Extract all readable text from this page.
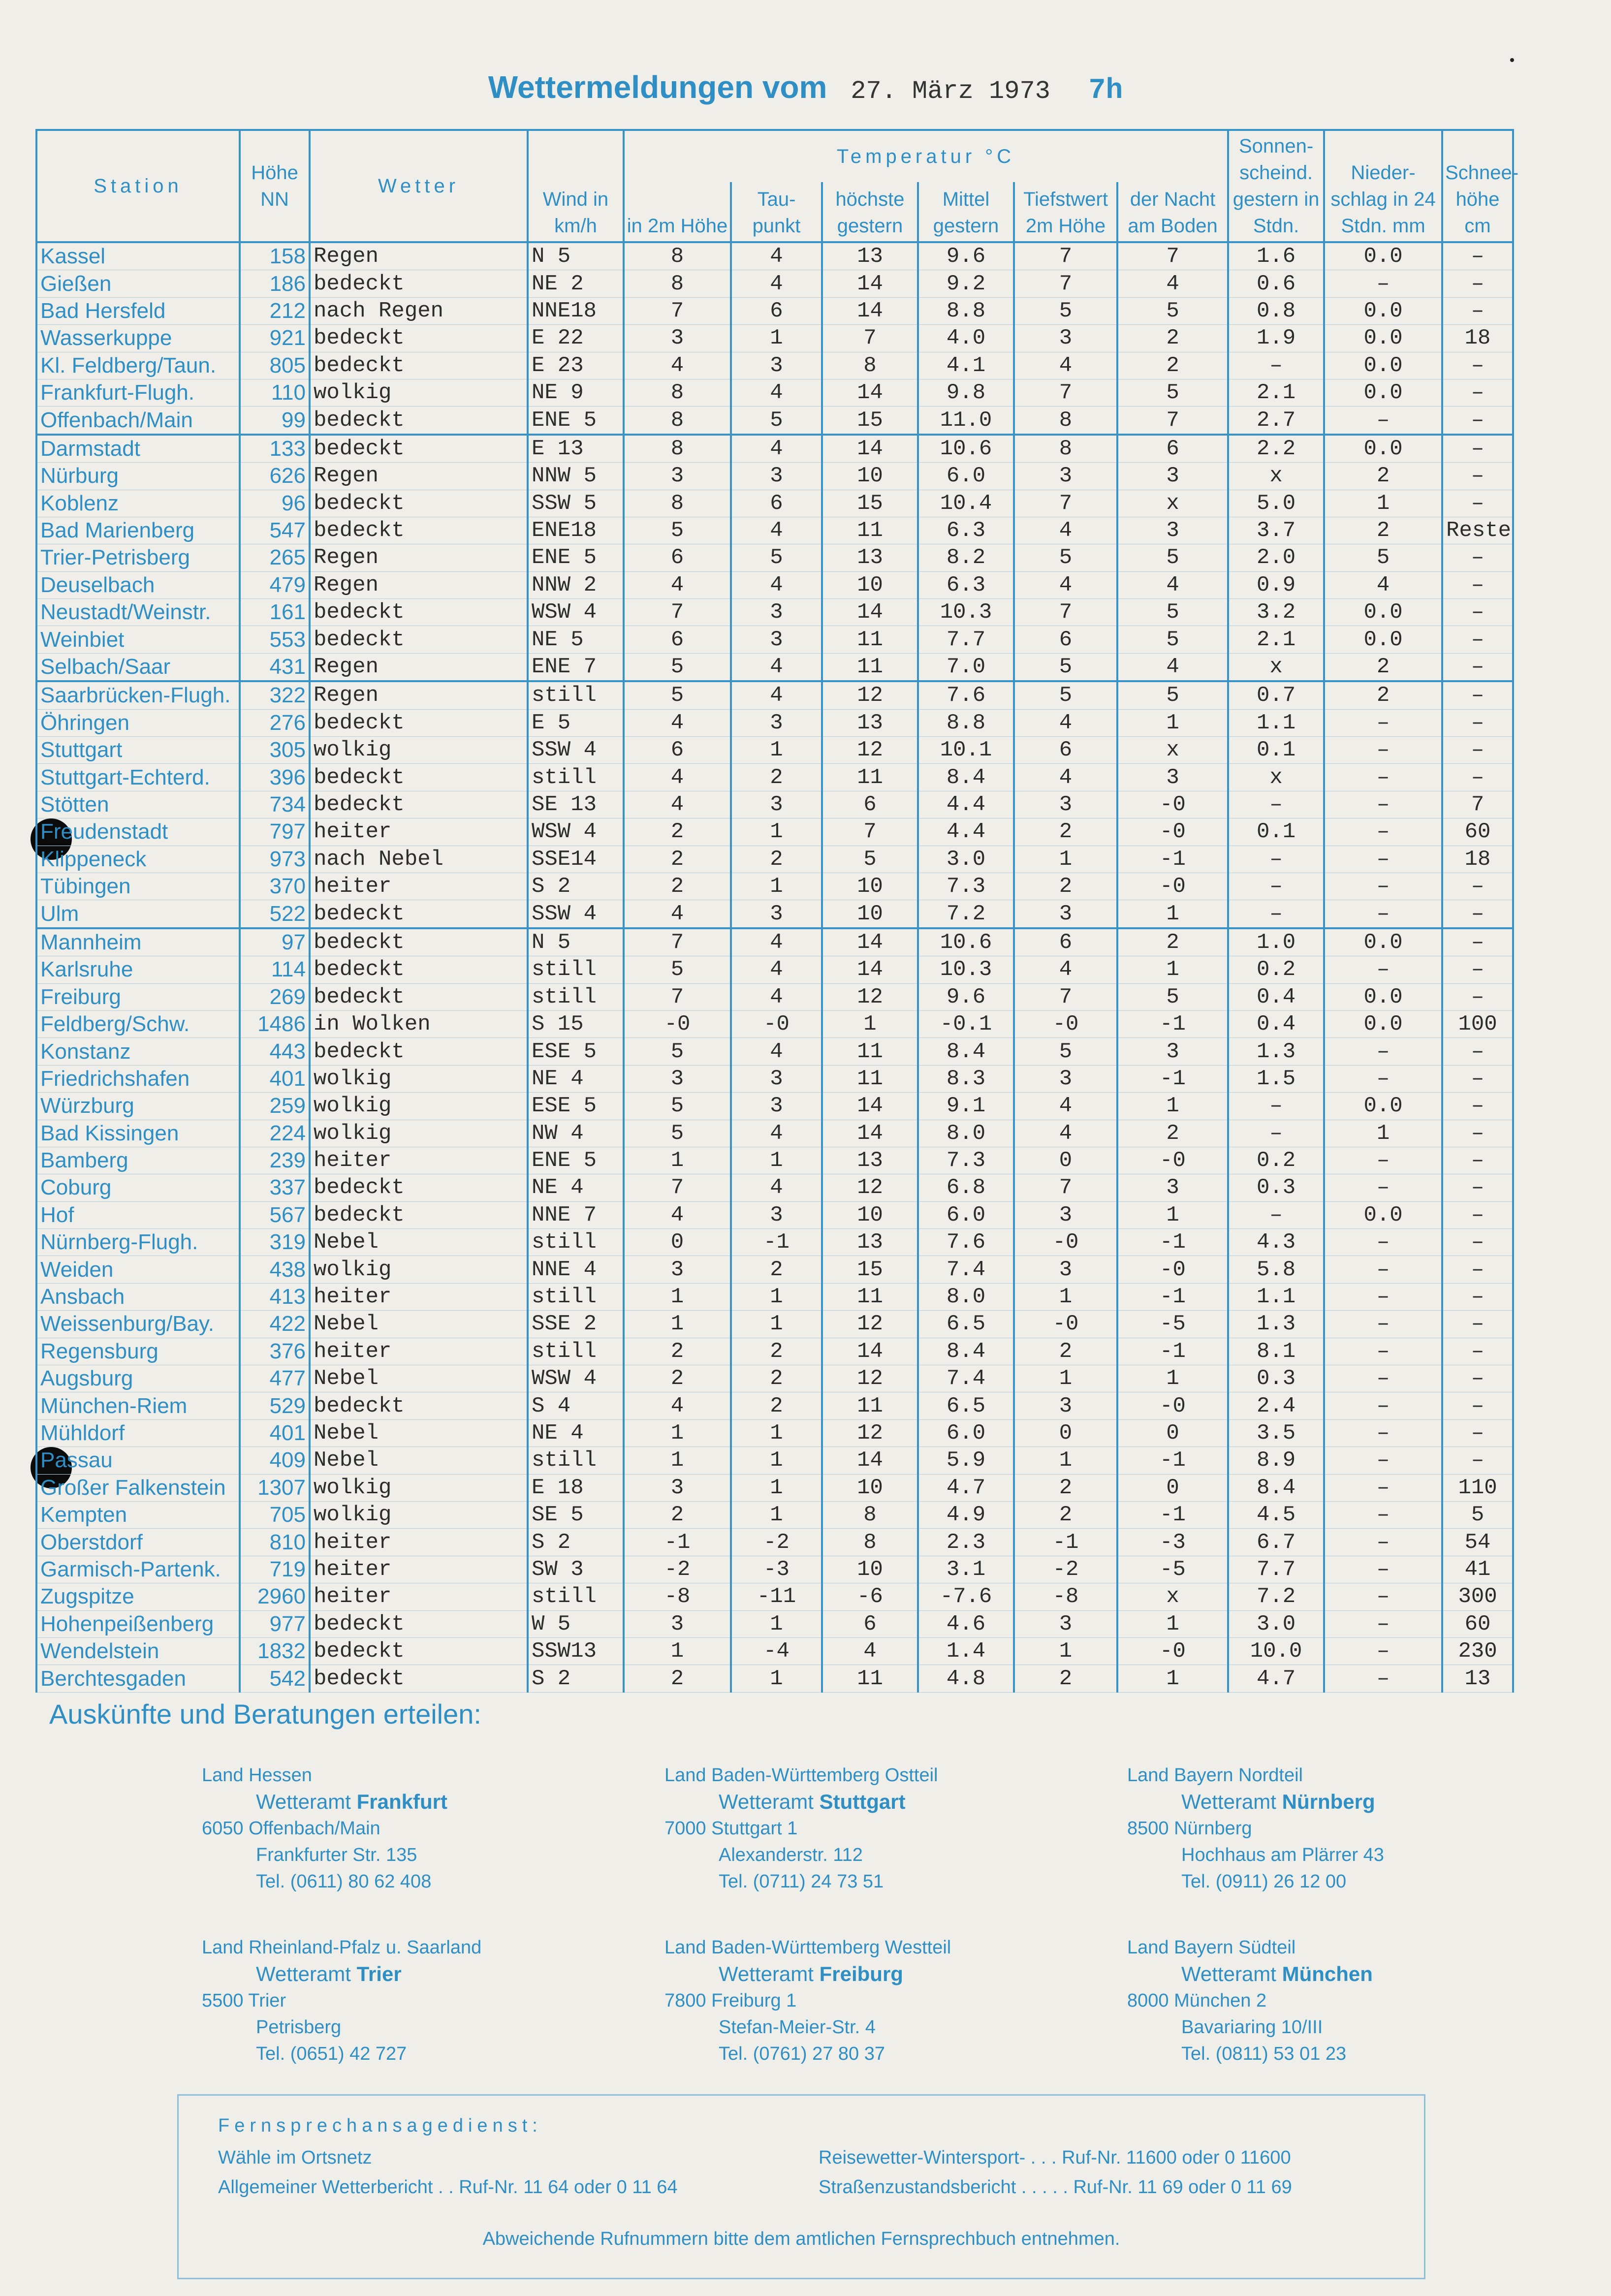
Wettermeldungen vom 27. März 1973 7h
Station	Höhe NN	Wetter	Wind in km/h	Temperatur °C						Sonnen- scheind. gestern in Stdn.	Nieder- schlag in 24 Stdn. mm	Schnee- höhe cm
				in 2m Höhe	Tau- punkt	höchste gestern	Mittel gestern	Tiefstwert 2m Höhe	der Nacht am Boden			
Kassel	158	Regen	N 5	8	4	13	9.6	7	7	1.6	0.0	–
Gießen	186	bedeckt	NE 2	8	4	14	9.2	7	4	0.6	–	–
Bad Hersfeld	212	nach Regen	NNE18	7	6	14	8.8	5	5	0.8	0.0	–
Wasserkuppe	921	bedeckt	E 22	3	1	7	4.0	3	2	1.9	0.0	18
Kl. Feldberg/Taun.	805	bedeckt	E 23	4	3	8	4.1	4	2	–	0.0	–
Frankfurt-Flugh.	110	wolkig	NE 9	8	4	14	9.8	7	5	2.1	0.0	–
Offenbach/Main	99	bedeckt	ENE 5	8	5	15	11.0	8	7	2.7	–	–
Darmstadt	133	bedeckt	E 13	8	4	14	10.6	8	6	2.2	0.0	–
Nürburg	626	Regen	NNW 5	3	3	10	6.0	3	3	x	2	–
Koblenz	96	bedeckt	SSW 5	8	6	15	10.4	7	x	5.0	1	–
Bad Marienberg	547	bedeckt	ENE18	5	4	11	6.3	4	3	3.7	2	Reste
Trier-Petrisberg	265	Regen	ENE 5	6	5	13	8.2	5	5	2.0	5	–
Deuselbach	479	Regen	NNW 2	4	4	10	6.3	4	4	0.9	4	–
Neustadt/Weinstr.	161	bedeckt	WSW 4	7	3	14	10.3	7	5	3.2	0.0	–
Weinbiet	553	bedeckt	NE 5	6	3	11	7.7	6	5	2.1	0.0	–
Selbach/Saar	431	Regen	ENE 7	5	4	11	7.0	5	4	x	2	–
Saarbrücken-Flugh.	322	Regen	still	5	4	12	7.6	5	5	0.7	2	–
Öhringen	276	bedeckt	E 5	4	3	13	8.8	4	1	1.1	–	–
Stuttgart	305	wolkig	SSW 4	6	1	12	10.1	6	x	0.1	–	–
Stuttgart-Echterd.	396	bedeckt	still	4	2	11	8.4	4	3	x	–	–
Stötten	734	bedeckt	SE 13	4	3	6	4.4	3	-0	–	–	7
Freudenstadt	797	heiter	WSW 4	2	1	7	4.4	2	-0	0.1	–	60
Klippeneck	973	nach Nebel	SSE14	2	2	5	3.0	1	-1	–	–	18
Tübingen	370	heiter	S 2	2	1	10	7.3	2	-0	–	–	–
Ulm	522	bedeckt	SSW 4	4	3	10	7.2	3	1	–	–	–
Mannheim	97	bedeckt	N 5	7	4	14	10.6	6	2	1.0	0.0	–
Karlsruhe	114	bedeckt	still	5	4	14	10.3	4	1	0.2	–	–
Freiburg	269	bedeckt	still	7	4	12	9.6	7	5	0.4	0.0	–
Feldberg/Schw.	1486	in Wolken	S 15	-0	-0	1	-0.1	-0	-1	0.4	0.0	100
Konstanz	443	bedeckt	ESE 5	5	4	11	8.4	5	3	1.3	–	–
Friedrichshafen	401	wolkig	NE 4	3	3	11	8.3	3	-1	1.5	–	–
Würzburg	259	wolkig	ESE 5	5	3	14	9.1	4	1	–	0.0	–
Bad Kissingen	224	wolkig	NW 4	5	4	14	8.0	4	2	–	1	–
Bamberg	239	heiter	ENE 5	1	1	13	7.3	0	-0	0.2	–	–
Coburg	337	bedeckt	NE 4	7	4	12	6.8	7	3	0.3	–	–
Hof	567	bedeckt	NNE 7	4	3	10	6.0	3	1	–	0.0	–
Nürnberg-Flugh.	319	Nebel	still	0	-1	13	7.6	-0	-1	4.3	–	–
Weiden	438	wolkig	NNE 4	3	2	15	7.4	3	-0	5.8	–	–
Ansbach	413	heiter	still	1	1	11	8.0	1	-1	1.1	–	–
Weissenburg/Bay.	422	Nebel	SSE 2	1	1	12	6.5	-0	-5	1.3	–	–
Regensburg	376	heiter	still	2	2	14	8.4	2	-1	8.1	–	–
Augsburg	477	Nebel	WSW 4	2	2	12	7.4	1	1	0.3	–	–
München-Riem	529	bedeckt	S 4	4	2	11	6.5	3	-0	2.4	–	–
Mühldorf	401	Nebel	NE 4	1	1	12	6.0	0	0	3.5	–	–
Passau	409	Nebel	still	1	1	14	5.9	1	-1	8.9	–	–
Großer Falkenstein	1307	wolkig	E 18	3	1	10	4.7	2	0	8.4	–	110
Kempten	705	wolkig	SE 5	2	1	8	4.9	2	-1	4.5	–	5
Oberstdorf	810	heiter	S 2	-1	-2	8	2.3	-1	-3	6.7	–	54
Garmisch-Partenk.	719	heiter	SW 3	-2	-3	10	3.1	-2	-5	7.7	–	41
Zugspitze	2960	heiter	still	-8	-11	-6	-7.6	-8	x	7.2	–	300
Hohenpeißenberg	977	bedeckt	W 5	3	1	6	4.6	3	1	3.0	–	60
Wendelstein	1832	bedeckt	SSW13	1	-4	4	1.4	1	-0	10.0	–	230
Berchtesgaden	542	bedeckt	S 2	2	1	11	4.8	2	1	4.7	–	13
Auskünfte und Beratungen erteilen:
Land Hessen
Wetteramt Frankfurt
6050 Offenbach/Main
Frankfurter Str. 135
Tel. (0611) 80 62 408
Land Baden-Württemberg Ostteil
Wetteramt Stuttgart
7000 Stuttgart 1
Alexanderstr. 112
Tel. (0711) 24 73 51
Land Bayern Nordteil
Wetteramt Nürnberg
8500 Nürnberg
Hochhaus am Plärrer 43
Tel. (0911) 26 12 00
Land Rheinland-Pfalz u. Saarland
Wetteramt Trier
5500 Trier
Petrisberg
Tel. (0651) 42 727
Land Baden-Württemberg Westteil
Wetteramt Freiburg
7800 Freiburg 1
Stefan-Meier-Str. 4
Tel. (0761) 27 80 37
Land Bayern Südteil
Wetteramt München
8000 München 2
Bavariaring 10/III
Tel. (0811) 53 01 23
Fernsprechansagedienst:
Wähle im Ortsnetz
Allgemeiner Wetterbericht . . Ruf-Nr. 11 64 oder 0 11 64
Reisewetter-Wintersport- . . . Ruf-Nr. 11600 oder 0 11600
Straßenzustandsbericht . . . . . Ruf-Nr. 11 69 oder 0 11 69
Abweichende Rufnummern bitte dem amtlichen Fernsprechbuch entnehmen.
